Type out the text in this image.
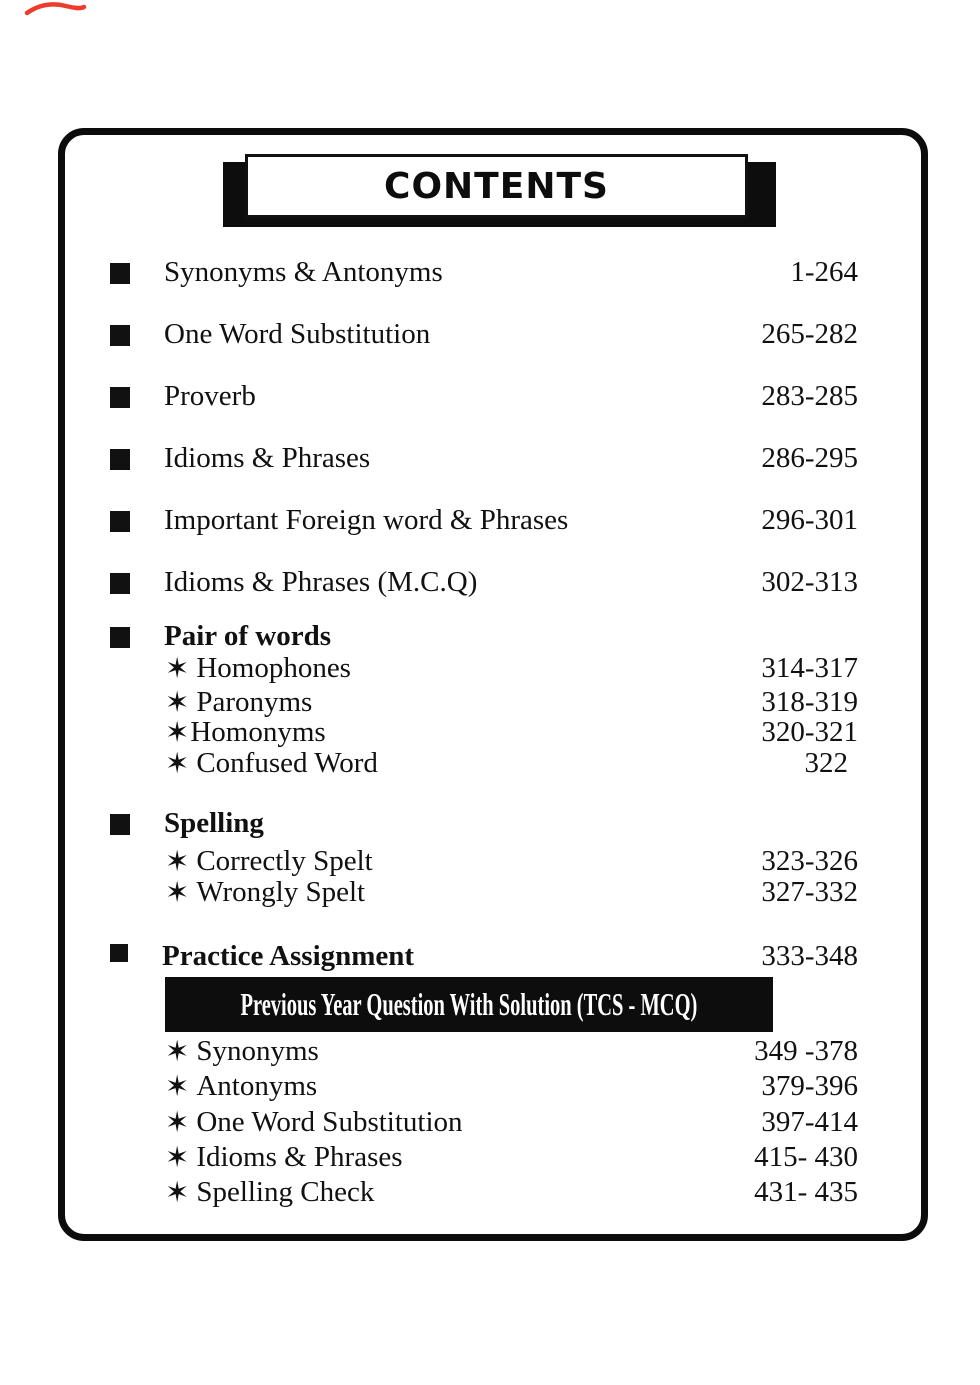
CONTENTS
Synonyms & Antonyms	1-264
One Word Substitution	265-282
Proverb	283-285
Idioms & Phrases	286-295
Important Foreign word & Phrases	296-301
Idioms & Phrases (M.C.Q)	302-313
Pair of words
✶ Homophones	314-317
✶ Paronyms	318-319
✶ Homonyms	320-321
✶ Confused Word	322
Spelling
✶ Correctly Spelt	323-326
✶ Wrongly Spelt	327-332
Practice Assignment	333-348
Previous Year Question With Solution (TCS - MCQ)
✶ Synonyms	349 -378
✶ Antonyms	379-396
✶ One Word Substitution	397-414
✶ Idioms & Phrases	415- 430
✶ Spelling Check	431- 435
